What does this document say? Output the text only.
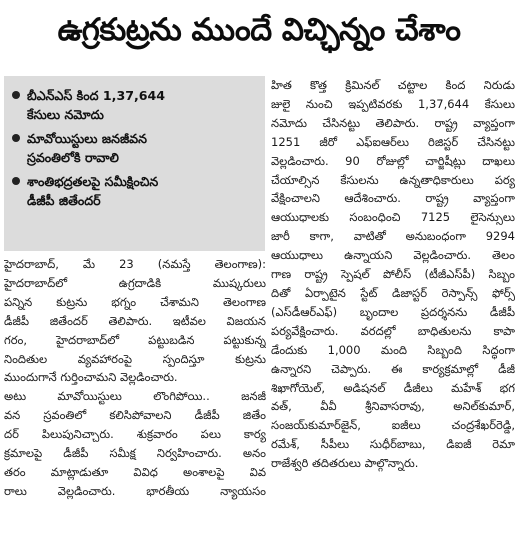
ఉగ్రకుట్రను ముందే విచ్ఛిన్నం చేశాం
బీఎన్‌ఎస్ కింద 1,37,644
కేసులు నమోదు
మావోయిస్టులు జనజీవన
స్రవంతిలోకి రావాలి
శాంతిభద్రతలపై సమీక్షించిన
డీజీపీ జితేందర్
హైదరాబాద్, మే 23 (నమస్తే తెలంగాణ):
హైదరాబాద్‌లో ఉగ్రదాడికి ముష్కరులు
పన్నిన కుట్రను భగ్నం చేశామని తెలంగాణ
డీజీపీ జితేందర్ తెలిపారు. ఇటీవల విజయన
గరం, హైదరాబాద్‌లో పట్టుబడిన పట్టుకున్న
నిందితుల వ్యవహారంపై స్పందిస్తూ కుట్రను
ముందుగానే గుర్తించామని వెల్లడించారు.
అటు మావోయిస్టులు లొంగిపోయి.. జనజీ
వన స్రవంతిలో కలిసిపోవాలని డీజీపీ జితేం
దర్ పిలుపునిచ్చారు. శుక్రవారం పలు కార్య
క్రమాలపై డీజీపీ సమీక్ష నిర్వహించారు. అనం
తరం మాట్లాడుతూ వివిధ అంశాలపై వివ
రాలు వెల్లడించారు. భారతీయ న్యాయసం
హిత కొత్త క్రిమినల్ చట్టాల కింద నిరుడు
జులై నుంచి ఇప్పటివరకు 1,37,644 కేసులు
నమోదు చేసినట్టు తెలిపారు. రాష్ట్ర వ్యాప్తంగా
1251 జీరో ఎఫ్ఐఆర్‌లు రిజిస్టర్ చేసినట్టు
వెల్లడించారు. 90 రోజుల్లో చార్జిషీట్లు దాఖలు
చేయాల్సిన కేసులను ఉన్నతాధికారులు పర్య
వేక్షించాలని ఆదేశించారు. రాష్ట్ర వ్యాప్తంగా
ఆయుధాలకు సంబంధించి 7125 లైసెన్సులు
జారీ కాగా, వాటితో అనుబంధంగా 9294
ఆయుధాలు ఉన్నాయని వెల్లడించారు. తెలం
గాణ రాష్ట్ర స్పెషల్ పోలీస్ (టీజీఎస్‌పీ) సిబ్బం
దితో ఏర్పాటైన స్టేట్ డిజాస్టర్ రెస్పాన్స్ ఫోర్స్
(ఎస్‌డీఆర్ఎఫ్) బృందాల ప్రదర్శనను డీజీపీ
పర్యవేక్షించారు. వరదల్లో బాధితులను కాపా
డేందుకు 1,000 మంది సిబ్బంది సిద్ధంగా
ఉన్నారని చెప్పారు. ఈ కార్యక్రమాల్లో డీజీ
శిఖాగోయెల్, అడిషనల్ డీజీలు మహేశ్ భగ
వత్, వీవీ శ్రీనివాసరావు, అనిల్‌కుమార్,
సంజయ్‌కుమార్‌జైన్, ఐజీలు చంద్రశేఖర్‌రెడ్డి,
రమేశ్, సీపీలు సుధీర్‌బాబు, డిఐజీ రెమా
రాజేశ్వరి తదితరులు పాల్గొన్నారు.
